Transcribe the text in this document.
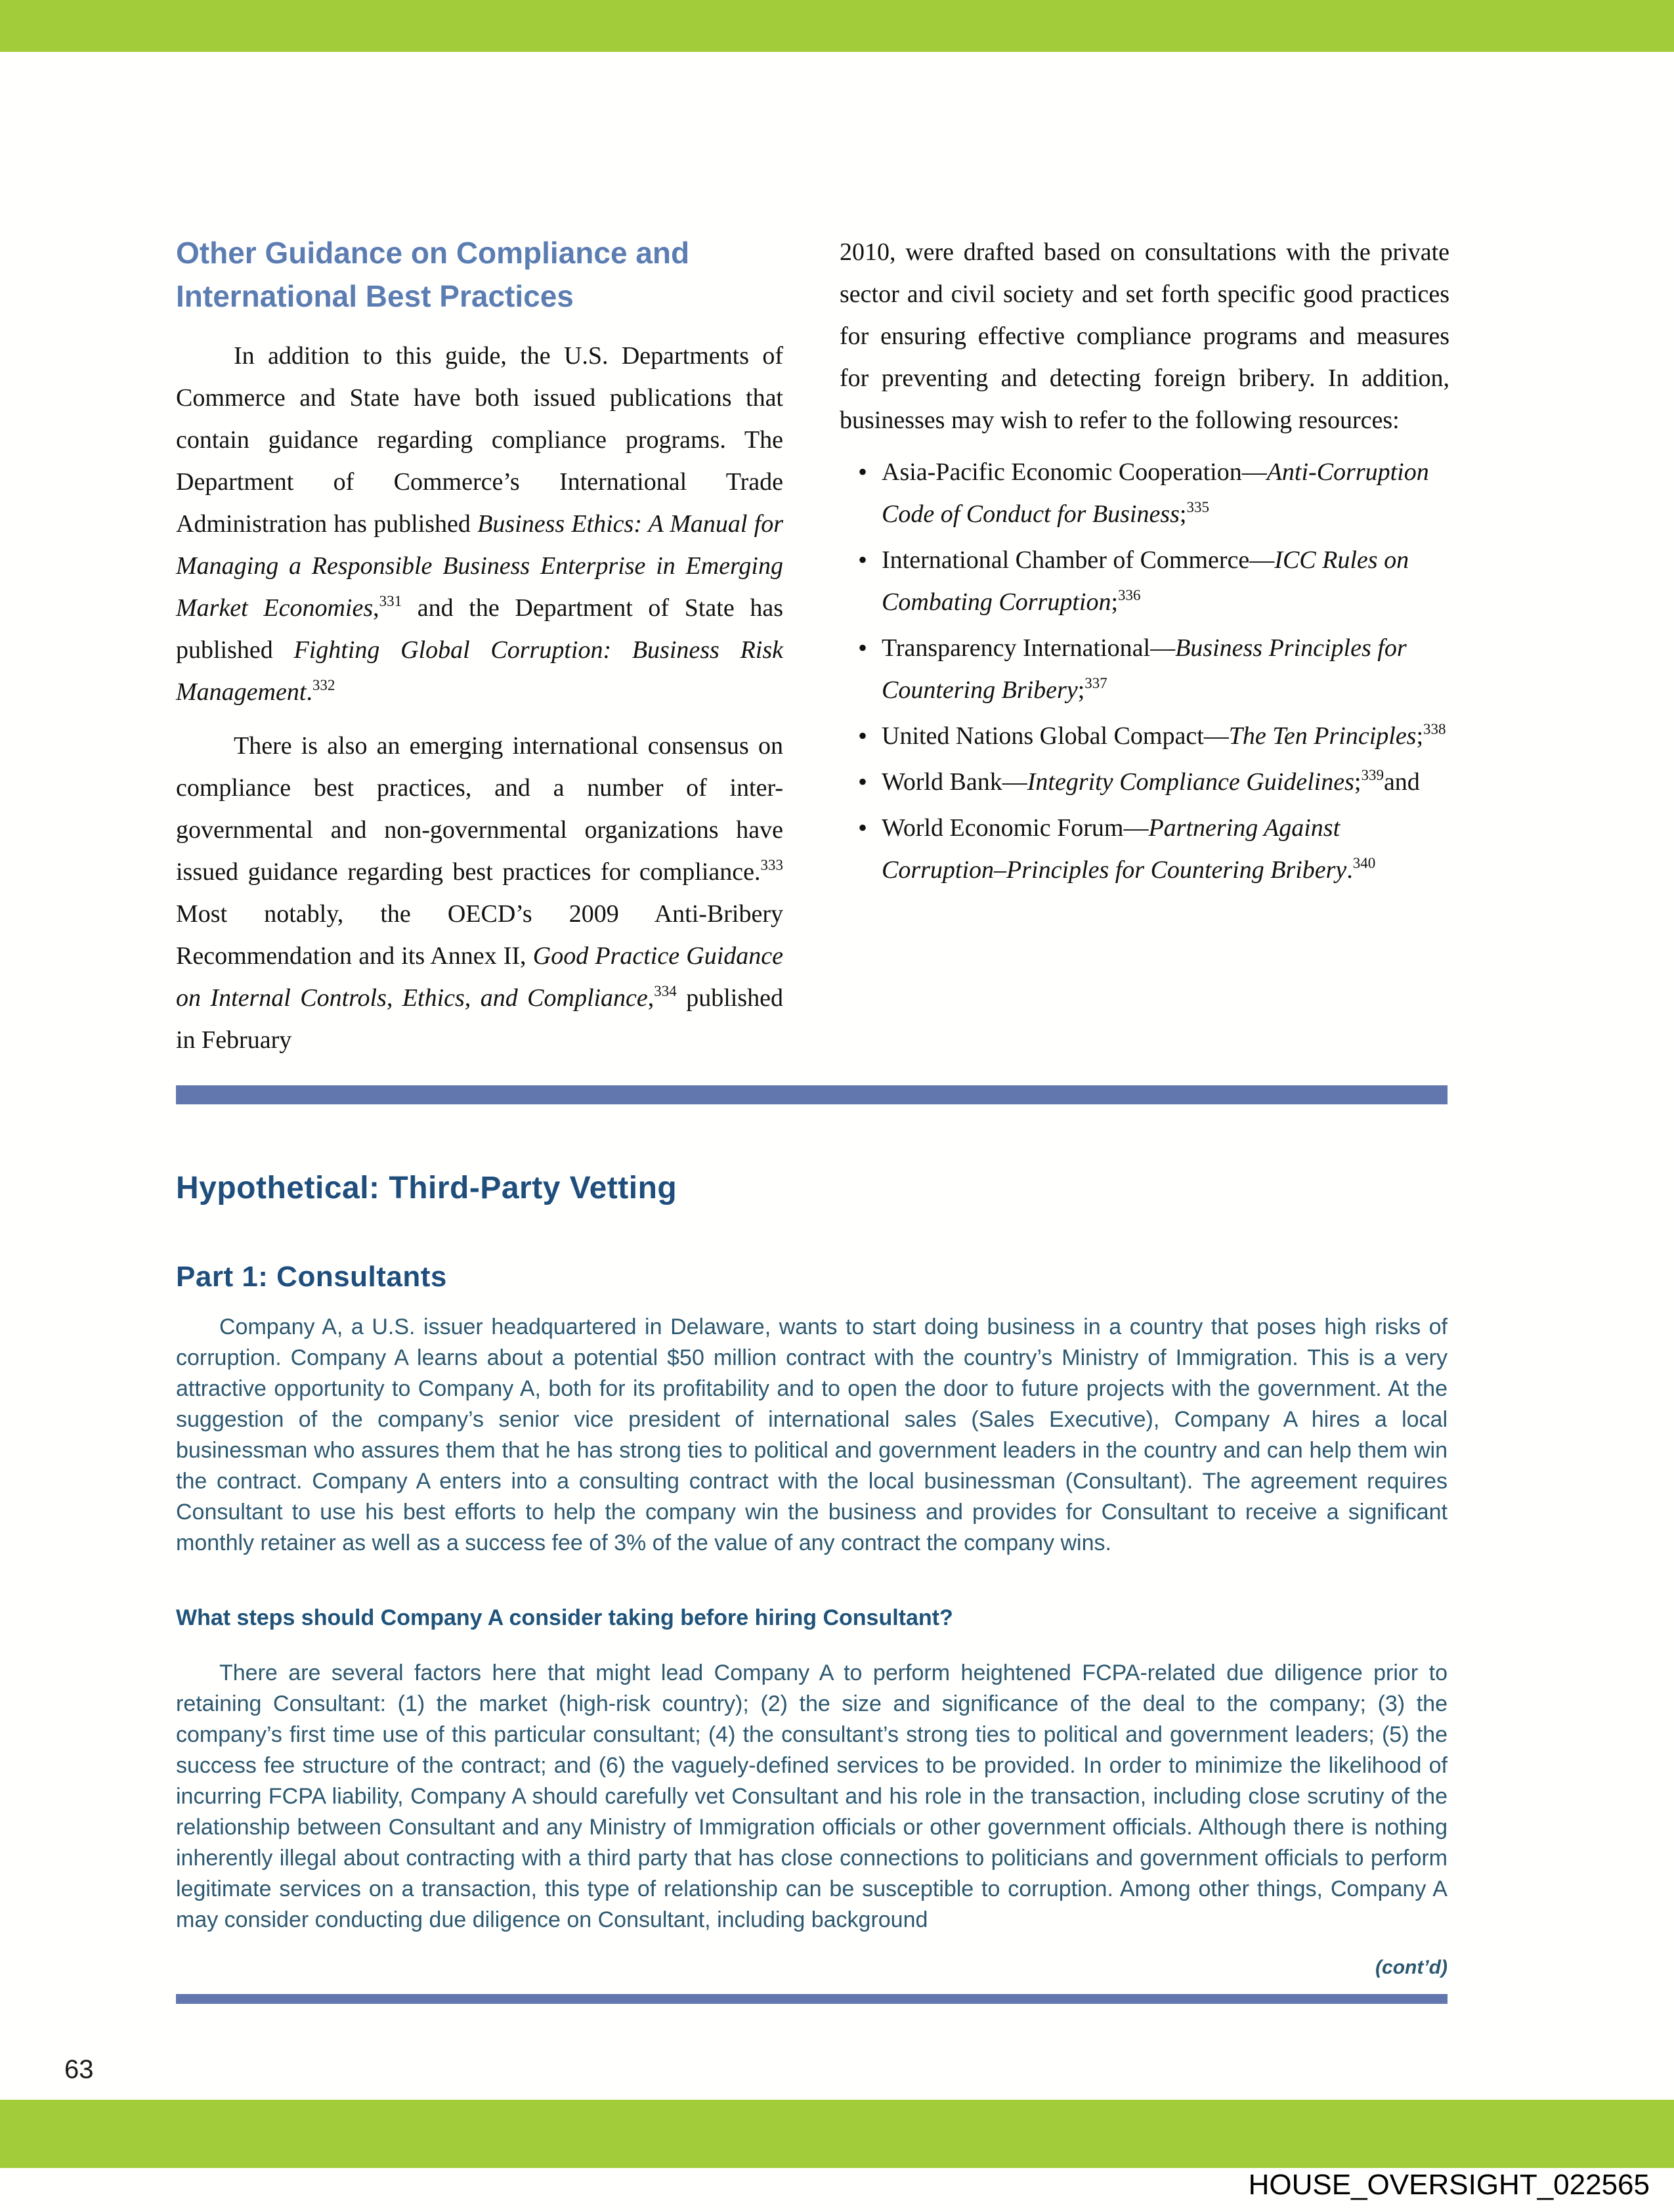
Other Guidance on Compliance and International Best Practices

In addition to this guide, the U.S. Departments of Commerce and State have both issued publications that contain guidance regarding compliance programs. The Department of Commerce’s International Trade Administration has published Business Ethics: A Manual for Managing a Responsible Business Enterprise in Emerging Market Economies,$^{331}$ and the Department of State has published Fighting Global Corruption: Business Risk Management.$^{332}$

There is also an emerging international consensus on compliance best practices, and a number of inter-governmental and non-governmental organizations have issued guidance regarding best practices for compliance.$^{333}$ Most notably, the OECD’s 2009 Anti-Bribery Recommendation and its Annex II, Good Practice Guidance on Internal Controls, Ethics, and Compliance,$^{334}$ published in February

2010, were drafted based on consultations with the private sector and civil society and set forth specific good practices for ensuring effective compliance programs and measures for preventing and detecting foreign bribery. In addition, businesses may wish to refer to the following resources:

• Asia-Pacific Economic Cooperation—Anti-Corruption Code of Conduct for Business;$^{335}$
• International Chamber of Commerce—ICC Rules on Combating Corruption;$^{336}$
• Transparency International—Business Principles for Countering Bribery;$^{337}$
• United Nations Global Compact—The Ten Principles;$^{338}$
• World Bank—Integrity Compliance Guidelines;$^{339}$and
• World Economic Forum—Partnering Against Corruption–Principles for Countering Bribery.$^{340}$
Hypothetical: Third-Party Vetting
Part 1: Consultants

Company A, a U.S. issuer headquartered in Delaware, wants to start doing business in a country that poses high risks of corruption. Company A learns about a potential $50 million contract with the country’s Ministry of Immigration. This is a very attractive opportunity to Company A, both for its profitability and to open the door to future projects with the government. At the suggestion of the company’s senior vice president of international sales (Sales Executive), Company A hires a local businessman who assures them that he has strong ties to political and government leaders in the country and can help them win the contract. Company A enters into a consulting contract with the local businessman (Consultant). The agreement requires Consultant to use his best efforts to help the company win the business and provides for Consultant to receive a significant monthly retainer as well as a success fee of 3% of the value of any contract the company wins.

What steps should Company A consider taking before hiring Consultant?

There are several factors here that might lead Company A to perform heightened FCPA-related due diligence prior to retaining Consultant: (1) the market (high-risk country); (2) the size and significance of the deal to the company; (3) the company’s first time use of this particular consultant; (4) the consultant’s strong ties to political and government leaders; (5) the success fee structure of the contract; and (6) the vaguely-defined services to be provided. In order to minimize the likelihood of incurring FCPA liability, Company A should carefully vet Consultant and his role in the transaction, including close scrutiny of the relationship between Consultant and any Ministry of Immigration officials or other government officials. Although there is nothing inherently illegal about contracting with a third party that has close connections to politicians and government officials to perform legitimate services on a transaction, this type of relationship can be susceptible to corruption. Among other things, Company A may consider conducting due diligence on Consultant, including background

(cont’d)

63
HOUSE_OVERSIGHT_022565
